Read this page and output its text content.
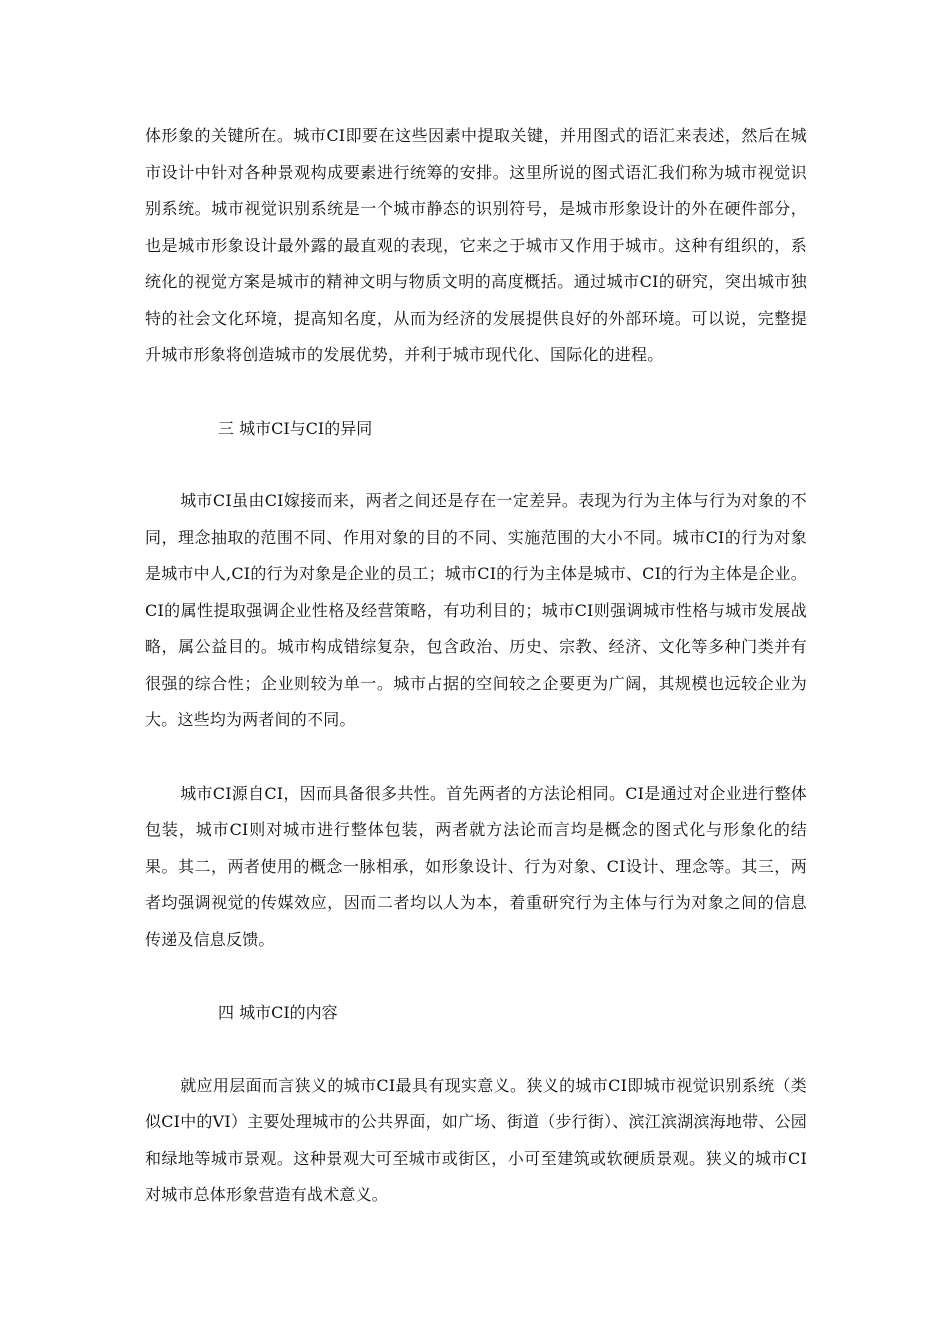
体形象的关键所在。城市CI即要在这些因素中提取关键，并用图式的语汇来表述，然后在城市设计中针对各种景观构成要素进行统筹的安排。这里所说的图式语汇我们称为城市视觉识别系统。城市视觉识别系统是一个城市静态的识别符号，是城市形象设计的外在硬件部分，也是城市形象设计最外露的最直观的表现，它来之于城市又作用于城市。这种有组织的，系统化的视觉方案是城市的精神文明与物质文明的高度概括。通过城市CI的研究，突出城市独特的社会文化环境，提高知名度，从而为经济的发展提供良好的外部环境。可以说，完整提升城市形象将创造城市的发展优势，并利于城市现代化、国际化的进程。

三 城市CI与CI的异同

城市CI虽由CI嫁接而来，两者之间还是存在一定差异。表现为行为主体与行为对象的不同，理念抽取的范围不同、作用对象的目的不同、实施范围的大小不同。城市CI的行为对象是城市中人,CI的行为对象是企业的员工；城市CI的行为主体是城市、CI的行为主体是企业。CI的属性提取强调企业性格及经营策略，有功利目的；城市CI则强调城市性格与城市发展战略，属公益目的。城市构成错综复杂，包含政治、历史、宗教、经济、文化等多种门类并有很强的综合性；企业则较为单一。城市占据的空间较之企要更为广阔，其规模也远较企业为大。这些均为两者间的不同。

城市CI源自CI，因而具备很多共性。首先两者的方法论相同。CI是通过对企业进行整体包装，城市CI则对城市进行整体包装，两者就方法论而言均是概念的图式化与形象化的结果。其二，两者使用的概念一脉相承，如形象设计、行为对象、CI设计、理念等。其三，两者均强调视觉的传媒效应，因而二者均以人为本，着重研究行为主体与行为对象之间的信息传递及信息反馈。

四 城市CI的内容

就应用层面而言狭义的城市CI最具有现实意义。狭义的城市CI即城市视觉识别系统（类似CI中的VI）主要处理城市的公共界面，如广场、街道（步行街）、滨江滨湖滨海地带、公园和绿地等城市景观。这种景观大可至城市或街区，小可至建筑或软硬质景观。狭义的城市CI对城市总体形象营造有战术意义。
